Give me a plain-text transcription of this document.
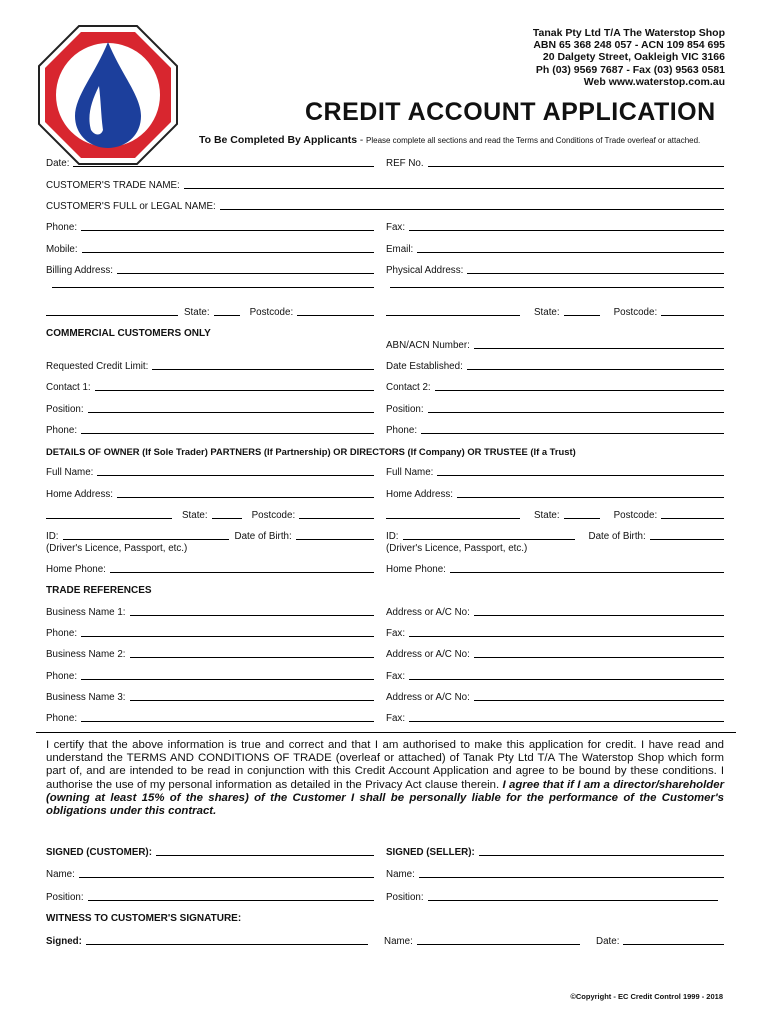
Tanak Pty Ltd T/A The Waterstop Shop
ABN 65 368 248 057 - ACN 109 854 695
20 Dalgety Street, Oakleigh VIC 3166
Ph (03) 9569 7687 - Fax (03) 9563 0581
Web www.waterstop.com.au
CREDIT ACCOUNT APPLICATION
To Be Completed By Applicants - Please complete all sections and read the Terms and Conditions of Trade overleaf or attached.
Date:	REF No.
CUSTOMER'S TRADE NAME:
CUSTOMER'S FULL or LEGAL NAME:
Phone:	Fax:
Mobile:	Email:
Billing Address:	Physical Address:
State:	Postcode:	State:	Postcode:
COMMERCIAL CUSTOMERS ONLY
ABN/ACN Number:
Requested Credit Limit:	Date Established:
Contact 1:	Contact 2:
Position:	Position:
Phone:	Phone:
DETAILS OF OWNER (If Sole Trader) PARTNERS (If Partnership) OR DIRECTORS (If Company) OR TRUSTEE (If a Trust)
Full Name:	Full Name:
Home Address:	Home Address:
State:	Postcode:	State:	Postcode:
ID:	Date of Birth:	ID:	Date of Birth:
(Driver's Licence, Passport, etc.)	(Driver's Licence, Passport, etc.)
Home Phone:	Home Phone:
TRADE REFERENCES
Business Name 1:	Address or A/C No:
Phone:	Fax:
Business Name 2:	Address or A/C No:
Phone:	Fax:
Business Name 3:	Address or A/C No:
Phone:	Fax:
I certify that the above information is true and correct and that I am authorised to make this application for credit. I have read and understand the TERMS AND CONDITIONS OF TRADE (overleaf or attached) of Tanak Pty Ltd T/A The Waterstop Shop which form part of, and are intended to be read in conjunction with this Credit Account Application and agree to be bound by these conditions. I authorise the use of my personal information as detailed in the Privacy Act clause therein. I agree that if I am a director/shareholder (owning at least 15% of the shares) of the Customer I shall be personally liable for the performance of the Customer's obligations under this contract.
SIGNED (CUSTOMER):	SIGNED (SELLER):
Name:	Name:
Position:	Position:
WITNESS TO CUSTOMER'S SIGNATURE:
Signed:	Name:	Date:
©Copyright - EC Credit Control 1999 - 2018
